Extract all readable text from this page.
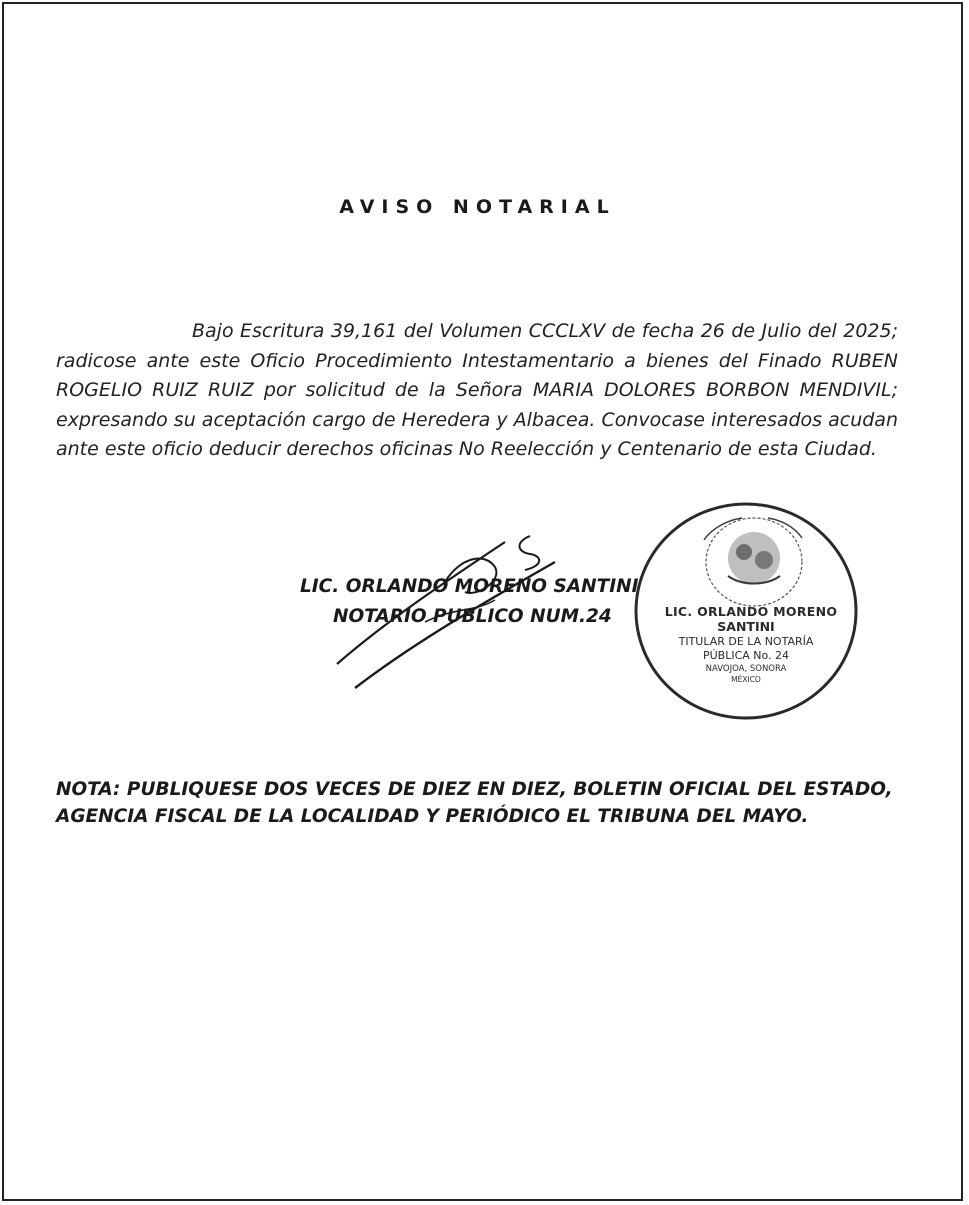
AVISO NOTARIAL

Bajo Escritura 39,161 del Volumen CCCLXV de fecha 26 de Julio del 2025; radicose ante este Oficio Procedimiento Intestamentario a bienes del Finado RUBEN ROGELIO RUIZ RUIZ por solicitud de la Señora MARIA DOLORES BORBON MENDIVIL; expresando su aceptación cargo de Heredera y Albacea. Convocase interesados acudan ante este oficio deducir derechos oficinas No Reelección y Centenario de esta Ciudad.

LIC. ORLANDO MORENO SANTINI
NOTARIO PUBLICO NUM.24	LIC. ORLANDO MORENO
SANTINI
TITULAR DE LA NOTARÍA
PÚBLICA No. 24
NAVOJOA, SONORA
MÉXICO

NOTA: PUBLIQUESE DOS VECES DE DIEZ EN DIEZ, BOLETIN OFICIAL DEL ESTADO, AGENCIA FISCAL DE LA LOCALIDAD Y PERIÓDICO EL TRIBUNA DEL MAYO.
